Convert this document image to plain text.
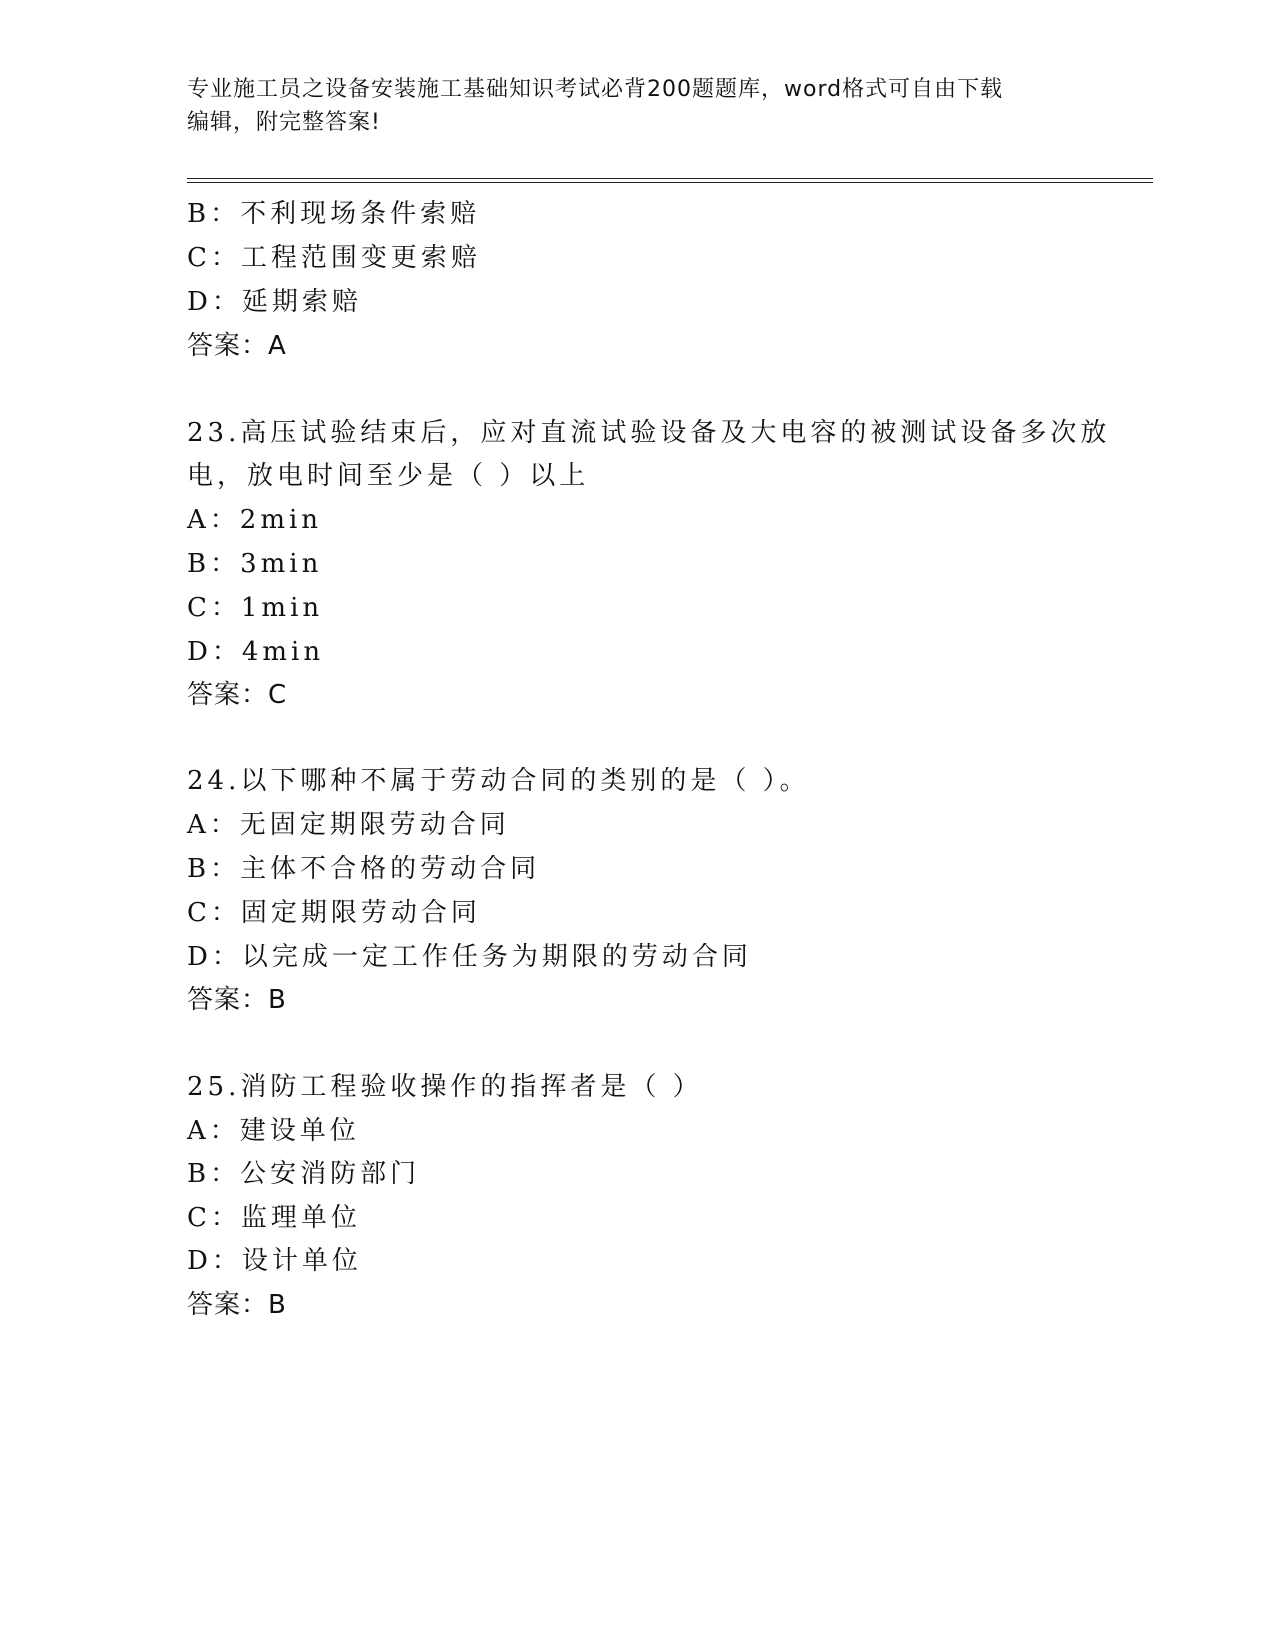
专业施工员之设备安装施工基础知识考试必背200题题库，word格式可自由下载
编辑，附完整答案!
B：不利现场条件索赔
C：工程范围变更索赔
D：延期索赔
答案：A
23.高压试验结束后，应对直流试验设备及大电容的被测试设备多次放
电，放电时间至少是（ ）以上
A：2min
B：3min
C：1min
D：4min
答案：C
24.以下哪种不属于劳动合同的类别的是（ ）。
A：无固定期限劳动合同
B：主体不合格的劳动合同
C：固定期限劳动合同
D：以完成一定工作任务为期限的劳动合同
答案：B
25.消防工程验收操作的指挥者是（ ）
A：建设单位
B：公安消防部门
C：监理单位
D：设计单位
答案：B
